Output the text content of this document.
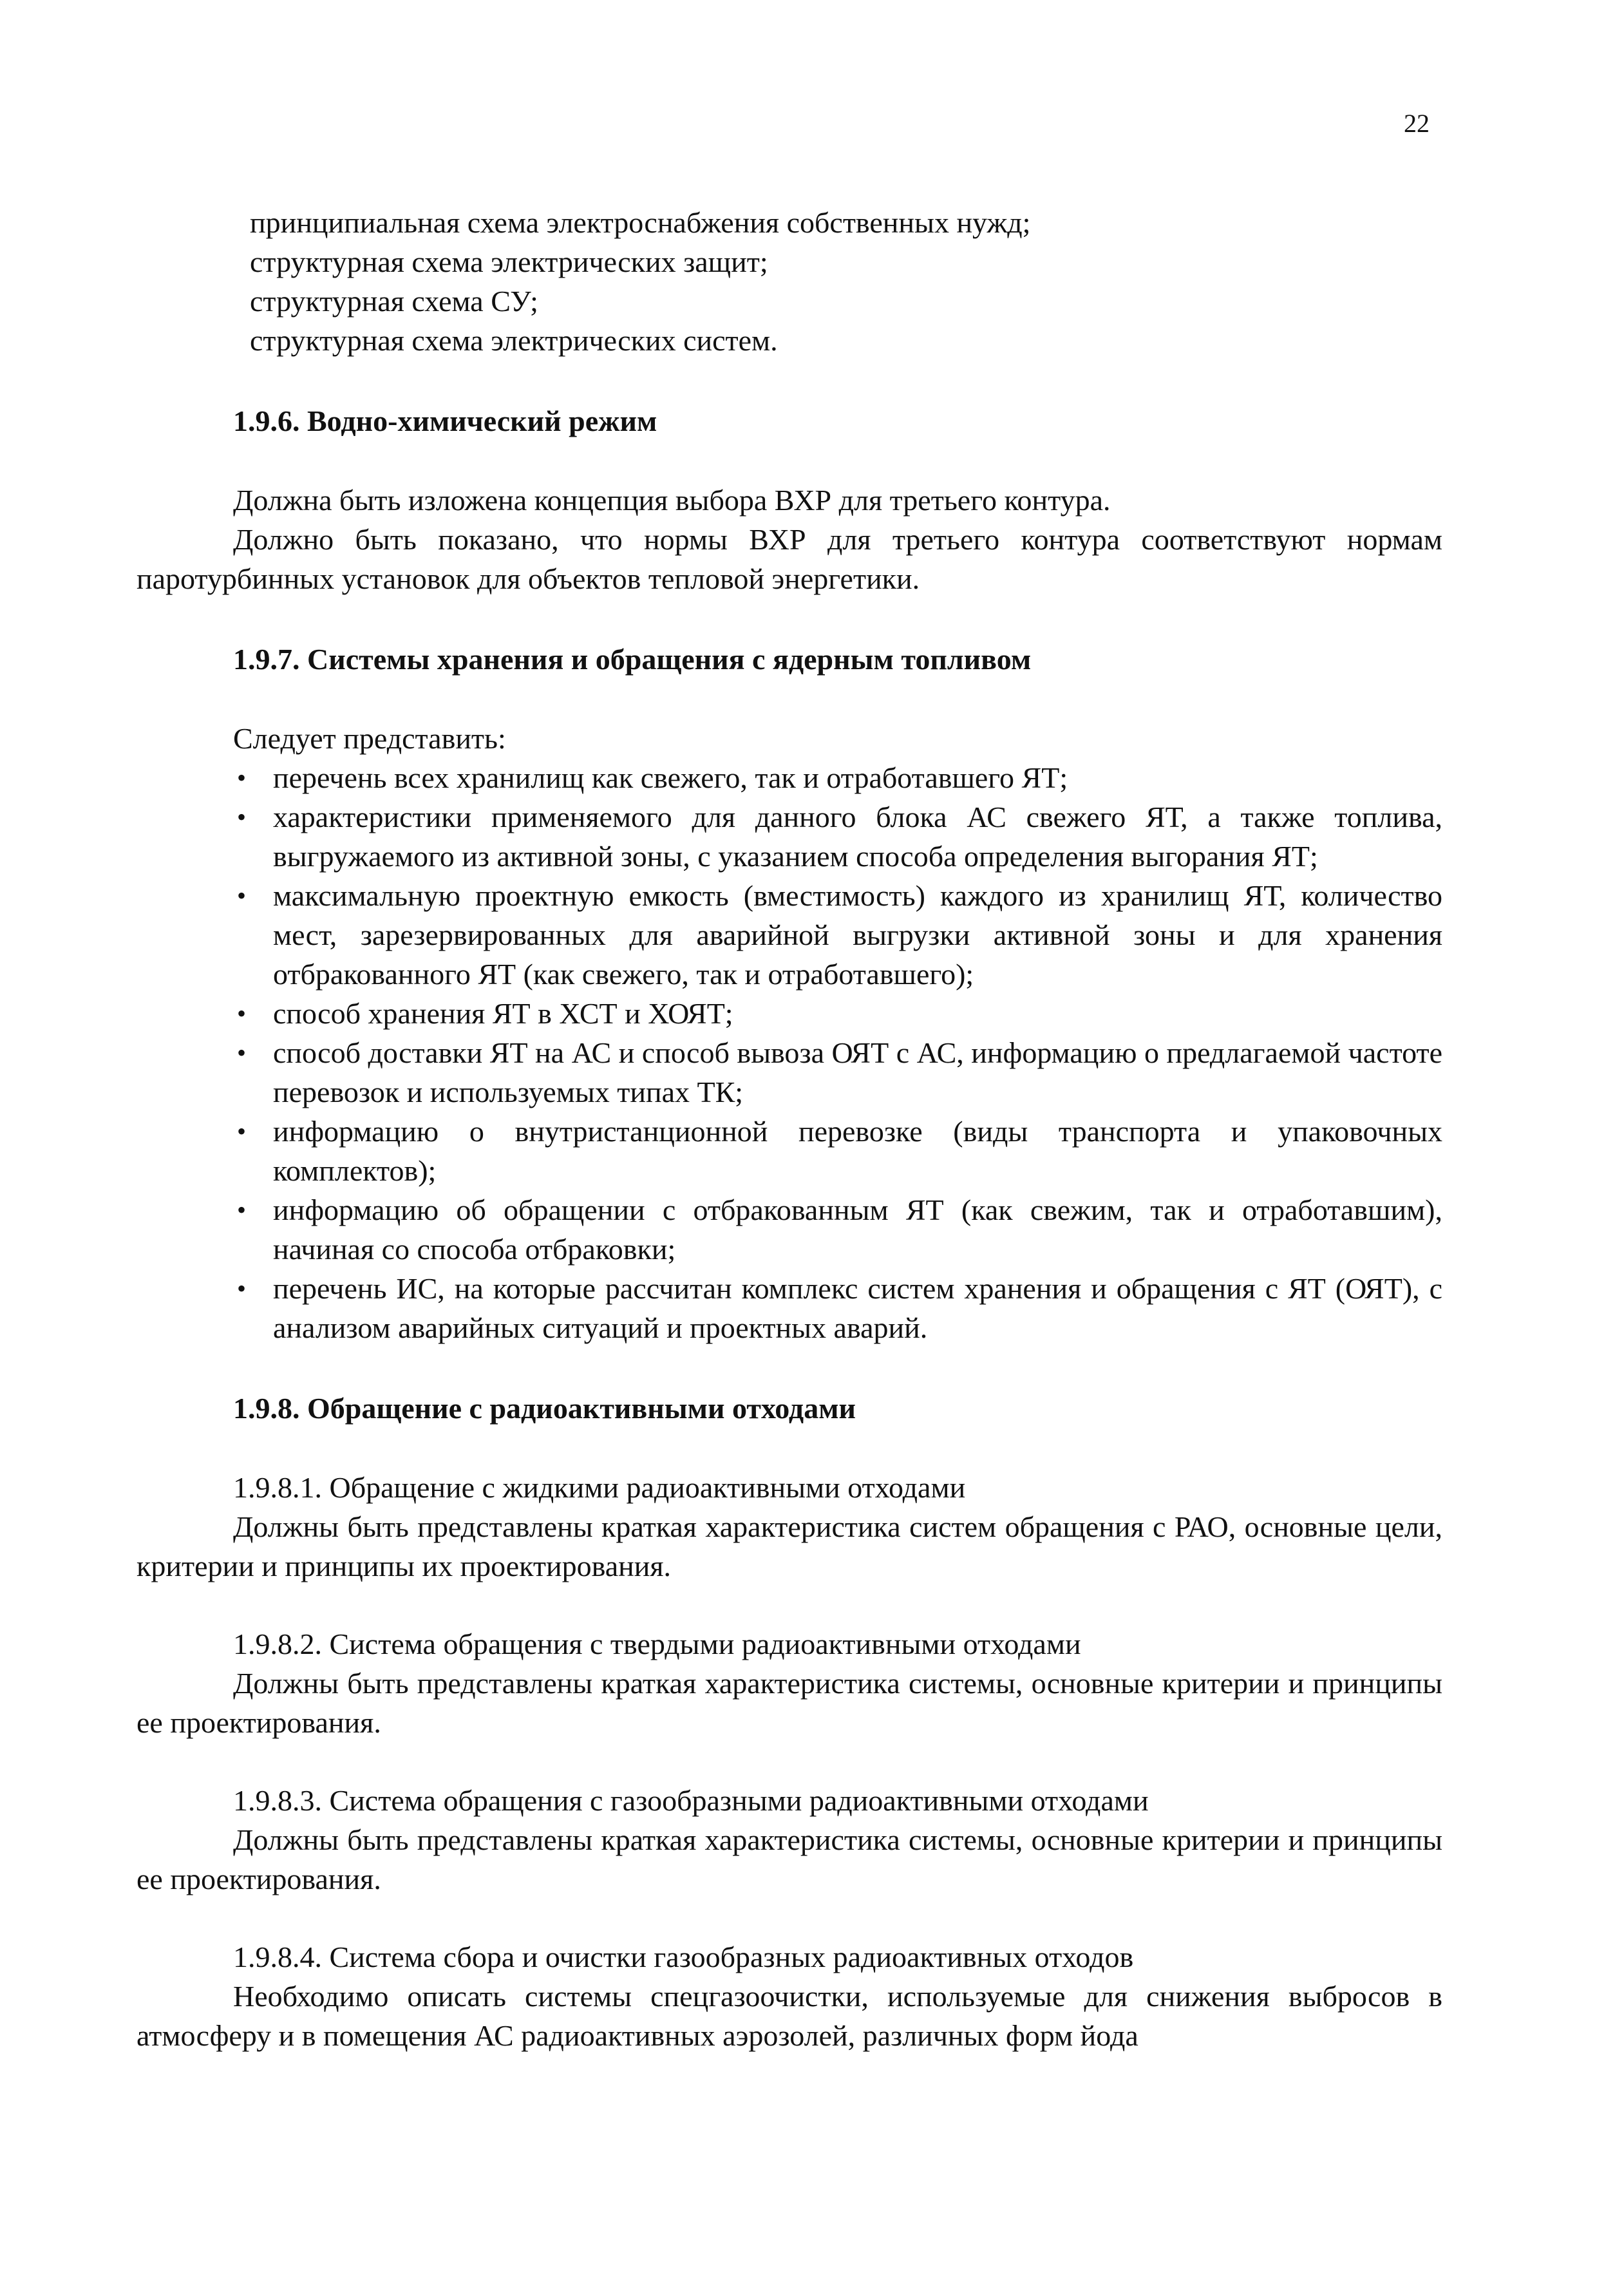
22
принципиальная схема электроснабжения собственных нужд;
структурная схема электрических защит;
структурная схема СУ;
структурная схема электрических систем.
1.9.6. Водно-химический режим
Должна быть изложена концепция выбора ВХР для третьего контура.

Должно быть показано, что нормы ВХР для третьего контура соответствуют нормам паротурбинных установок для объектов тепловой энергетики.

1.9.7. Системы хранения и обращения с ядерным топливом
Следует представить:
• перечень всех хранилищ как свежего, так и отработавшего ЯТ;
• характеристики применяемого для данного блока АС свежего ЯТ, а также топлива, выгружаемого из активной зоны, с указанием способа определения выгорания ЯТ;
• максимальную проектную емкость (вместимость) каждого из хранилищ ЯТ, количество мест, зарезервированных для аварийной выгрузки активной зоны и для хранения отбракованного ЯТ (как свежего, так и отработавшего);
• способ хранения ЯТ в ХСТ и ХОЯТ;
• способ доставки ЯТ на АС и способ вывоза ОЯТ с АС, информацию о предлагаемой частоте перевозок и используемых типах ТК;
• информацию о внутристанционной перевозке (виды транспорта и упаковочных комплектов);
• информацию об обращении с отбракованным ЯТ (как свежим, так и отработавшим), начиная со способа отбраковки;
• перечень ИС, на которые рассчитан комплекс систем хранения и обращения с ЯТ (ОЯТ), с анализом аварийных ситуаций и проектных аварий.
1.9.8. Обращение с радиоактивными отходами
1.9.8.1. Обращение с жидкими радиоактивными отходами

Должны быть представлены краткая характеристика систем обращения с РАО, основные цели, критерии и принципы их проектирования.

1.9.8.2. Система обращения с твердыми радиоактивными отходами

Должны быть представлены краткая характеристика системы, основные критерии и принципы ее проектирования.

1.9.8.3. Система обращения с газообразными радиоактивными отходами

Должны быть представлены краткая характеристика системы, основные критерии и принципы ее проектирования.

1.9.8.4. Система сбора и очистки газообразных радиоактивных отходов

Необходимо описать системы спецгазоочистки, используемые для снижения выбросов в атмосферу и в помещения АС радиоактивных аэрозолей, различных форм йода
